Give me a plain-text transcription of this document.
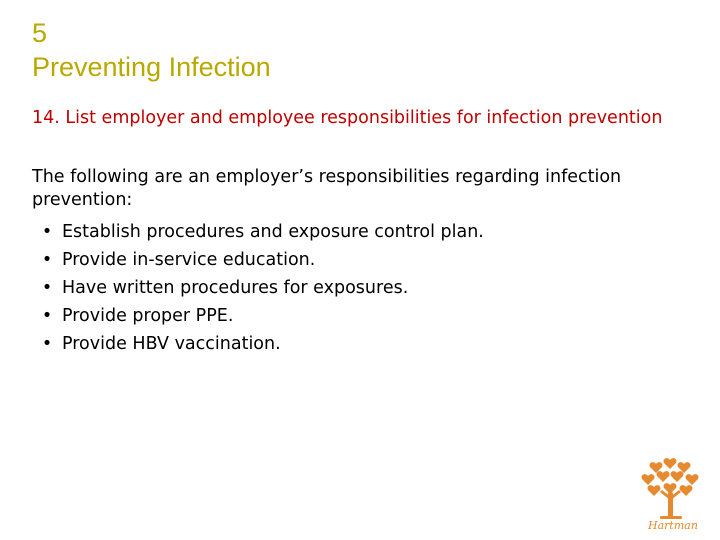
5
Preventing Infection
14. List employer and employee responsibilities for infection prevention
The following are an employer’s responsibilities regarding infection prevention:
• Establish procedures and exposure control plan.
• Provide in-service education.
• Have written procedures for exposures.
• Provide proper PPE.
• Provide HBV vaccination.
Hartman
